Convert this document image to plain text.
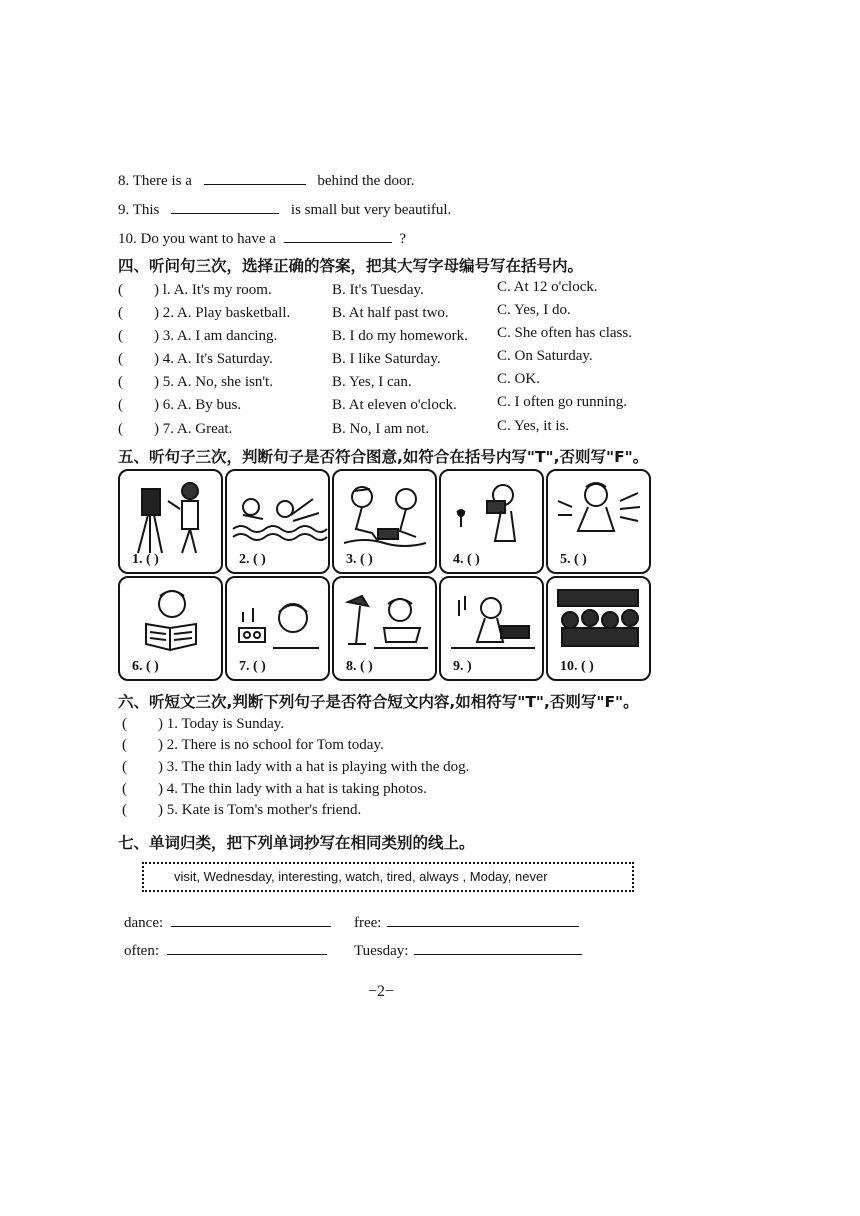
8. There is a	behind the door.
9. This	is small but very beautiful.
10. Do you want to have a	?
四、听问句三次，选择正确的答案，把其大写字母编号写在括号内。
( ) l. A. It's my room.	B. It's Tuesday.	C. At 12 o'clock.
( ) 2. A. Play basketball.	B. At half past two.	C. Yes, I do.
( ) 3. A. I am dancing.	B. I do my homework. C. She often has class.
( ) 4. A. It's Saturday.	B. I like Saturday.	C. On Saturday.
( ) 5. A. No, she isn't.	B. Yes, I can.	C. OK.
( ) 6. A. By bus.	B. At eleven o'clock.	C. I often go running.
( ) 7. A. Great.	B. No, I am not.	C. Yes, it is.
五、听句子三次，判断句子是否符合图意,如符合在括号内写"T",否则写"F"。
1. ( )	2. ( )	3. ( )	4. ( )	5. ( )
6. ( )	7. ( )	8. ( )	9. )	10. ( )
六、听短文三次,判断下列句子是否符合短文内容,如相符写"T",否则写"F"。
( ) 1. Today is Sunday.
( ) 2. There is no school for Tom today.
( ) 3. The thin lady with a hat is playing with the dog.
( ) 4. The thin lady with a hat is taking photos.
( ) 5. Kate is Tom's mother's friend.
七、单词归类，把下列单词抄写在相同类别的线上。
visit, Wednesday, interesting, watch, tired, always , Moday, never
dance:	free:
often:	Tuesday:
−2−
